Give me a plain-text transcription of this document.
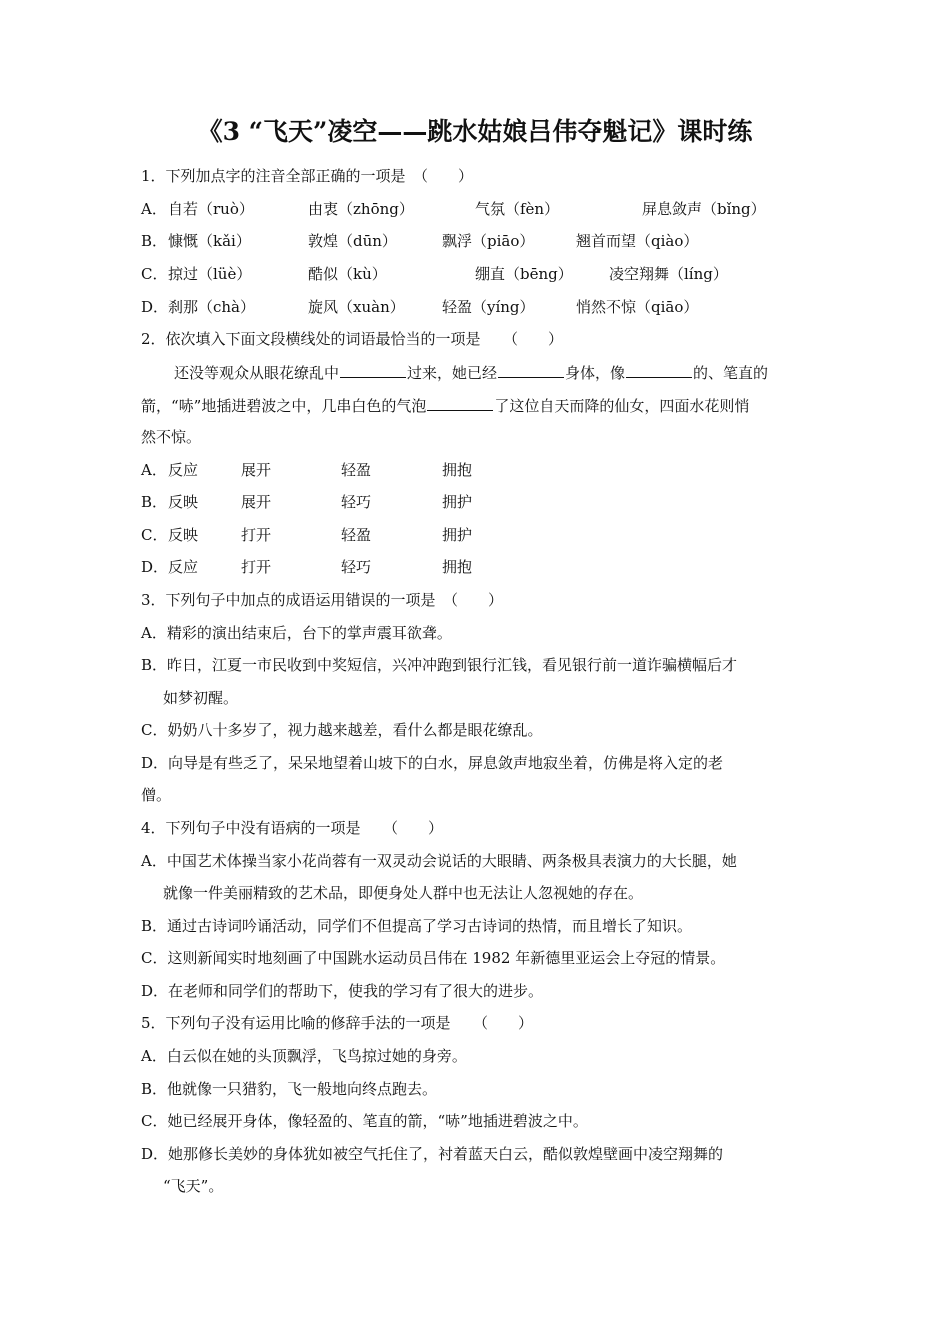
《3 “飞天”凌空——跳水姑娘吕伟夺魁记》课时练
1．下列加点字的注音全部正确的一项是　（　　）
A． 自若（ruò）	由衷（zhōng）	气氛（fèn）	屏息敛声（bǐng）
B． 慷慨（kǎi）	敦煌（dūn）	飘浮（piāo）	翘首而望（qiào）
C． 掠过（lüè）	酷似（kù）	绷直（bēng） 凌空翔舞（líng）
D． 刹那（chà）	旋风（xuàn） 轻盈（yíng）	悄然不惊（qiāo）
2．依次填入下面文段横线处的词语最恰当的一项是　　（　　）
还没等观众从眼花缭乱中	过来，她已经	身体，像	的、笔直的
箭，“哧”地插进碧波之中，几串白色的气泡	了这位自天而降的仙女，四面水花则悄
然不惊。
A． 反应	展开	轻盈	拥抱
B． 反映	展开	轻巧	拥护
C． 反映	打开	轻盈	拥护
D． 反应	打开	轻巧	拥抱
3．下列句子中加点的成语运用错误的一项是　（　　）
A．精彩的演出结束后，台下的掌声震耳欲聋。
B．昨日，江夏一市民收到中奖短信，兴冲冲跑到银行汇钱，看见银行前一道诈骗横幅后才
如梦初醒。
C．奶奶八十多岁了，视力越来越差，看什么都是眼花缭乱。
D．向导是有些乏了，呆呆地望着山坡下的白水，屏息敛声地寂坐着，仿佛是将入定的老
僧。
4．下列句子中没有语病的一项是　　（　　）
A．中国艺术体操当家小花尚蓉有一双灵动会说话的大眼睛、两条极具表演力的大长腿，她
就像一件美丽精致的艺术品，即便身处人群中也无法让人忽视她的存在。
B．通过古诗词吟诵活动，同学们不但提高了学习古诗词的热情，而且增长了知识。
C．这则新闻实时地刻画了中国跳水运动员吕伟在 1982 年新德里亚运会上夺冠的情景。
D．在老师和同学们的帮助下，使我的学习有了很大的进步。
5．下列句子没有运用比喻的修辞手法的一项是　　（　　）
A．白云似在她的头顶飘浮，飞鸟掠过她的身旁。
B．他就像一只猎豹，飞一般地向终点跑去。
C．她已经展开身体，像轻盈的、笔直的箭，“哧”地插进碧波之中。
D．她那修长美妙的身体犹如被空气托住了，衬着蓝天白云，酷似敦煌壁画中凌空翔舞的
“飞天”。
